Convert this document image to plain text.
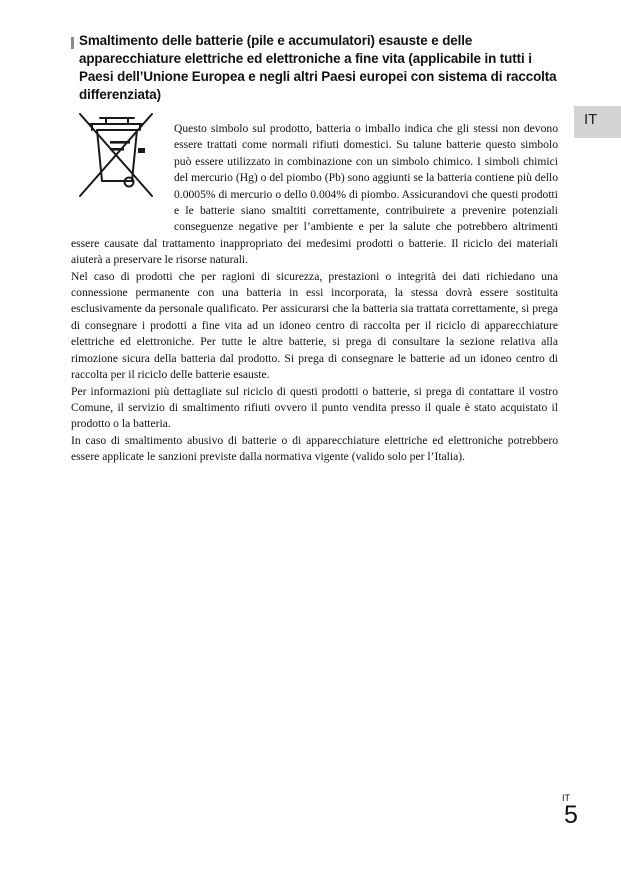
Smaltimento delle batterie (pile e accumulatori) esauste e delle apparecchiature elettriche ed elettroniche a fine vita (applicabile in tutti i Paesi dell’Unione Europea e negli altri Paesi europei con sistema di raccolta differenziata)

Questo simbolo sul prodotto, batteria o imballo indica che gli stessi non devono essere trattati come normali rifiuti domestici. Su talune batterie questo simbolo può essere utilizzato in combinazione con un simbolo chimico. I simboli chimici del mercurio (Hg) o del piombo (Pb) sono aggiunti se la batteria contiene più dello 0.0005% di mercurio o dello 0.004% di piombo. Assicurandovi che questi prodotti e le batterie siano smaltiti correttamente, contribuirete a prevenire potenziali conseguenze negative per l’ambiente e per la salute che potrebbero altrimenti essere causate dal trattamento inappropriato dei medesimi prodotti o batterie. Il riciclo dei materiali aiuterà a preservare le risorse naturali.

Nel caso di prodotti che per ragioni di sicurezza, prestazioni o integrità dei dati richiedano una connessione permanente con una batteria in essi incorporata, la stessa dovrà essere sostituita esclusivamente da personale qualificato. Per assicurarsi che la batteria sia trattata correttamente, si prega di consegnare i prodotti a fine vita ad un idoneo centro di raccolta per il riciclo di apparecchiature elettriche ed elettroniche. Per tutte le altre batterie, si prega di consultare la sezione relativa alla rimozione sicura della batteria dal prodotto. Si prega di consegnare le batterie ad un idoneo centro di raccolta per il riciclo delle batterie esauste.

Per informazioni più dettagliate sul riciclo di questi prodotti o batterie, si prega di contattare il vostro Comune, il servizio di smaltimento rifiuti ovvero il punto vendita presso il quale è stato acquistato il prodotto o la batteria.

In caso di smaltimento abusivo di batterie o di apparecchiature elettriche ed elettroniche potrebbero essere applicate le sanzioni previste dalla normativa vigente (valido solo per l’Italia).

IT
IT
5
